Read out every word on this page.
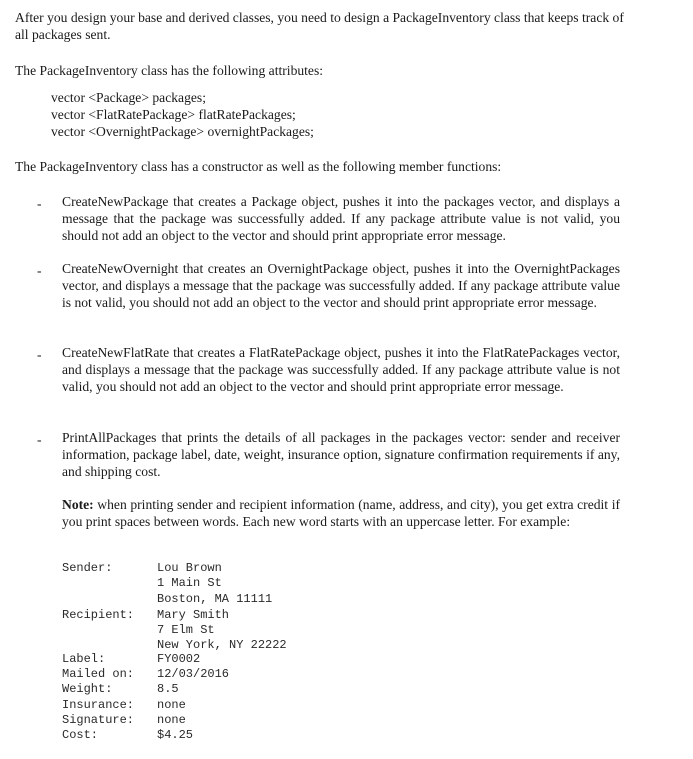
After you design your base and derived classes, you need to design a PackageInventory class that keeps track of all packages sent.

The PackageInventory class has the following attributes:

vector <Package> packages;

vector <FlatRatePackage> flatRatePackages;

vector <OvernightPackage> overnightPackages;

The PackageInventory class has a constructor as well as the following member functions:

- CreateNewPackage that creates a Package object, pushes it into the packages vector, and displays a message that the package was successfully added. If any package attribute value is not valid, you should not add an object to the vector and should print appropriate error message.

- CreateNewOvernight that creates an OvernightPackage object, pushes it into the OvernightPackages vector, and displays a message that the package was successfully added. If any package attribute value is not valid, you should not add an object to the vector and should print appropriate error message.

- CreateNewFlatRate that creates a FlatRatePackage object, pushes it into the FlatRatePackages vector, and displays a message that the package was successfully added. If any package attribute value is not valid, you should not add an object to the vector and should print appropriate error message.

- PrintAllPackages that prints the details of all packages in the packages vector: sender and receiver information, package label, date, weight, insurance option, signature confirmation requirements if any, and shipping cost.

Note: when printing sender and recipient information (name, address, and city), you get extra credit if you print spaces between words. Each new word starts with an uppercase letter. For example:

Sender:	Lou Brown

1 Main St

Boston, MA 11111

Recipient: Mary Smith

7 Elm St

New York, NY 22222

Label:	FY0002

Mailed on: 12/03/2016

Weight:	8.5

Insurance: none

Signature: none

Cost:	$4.25
